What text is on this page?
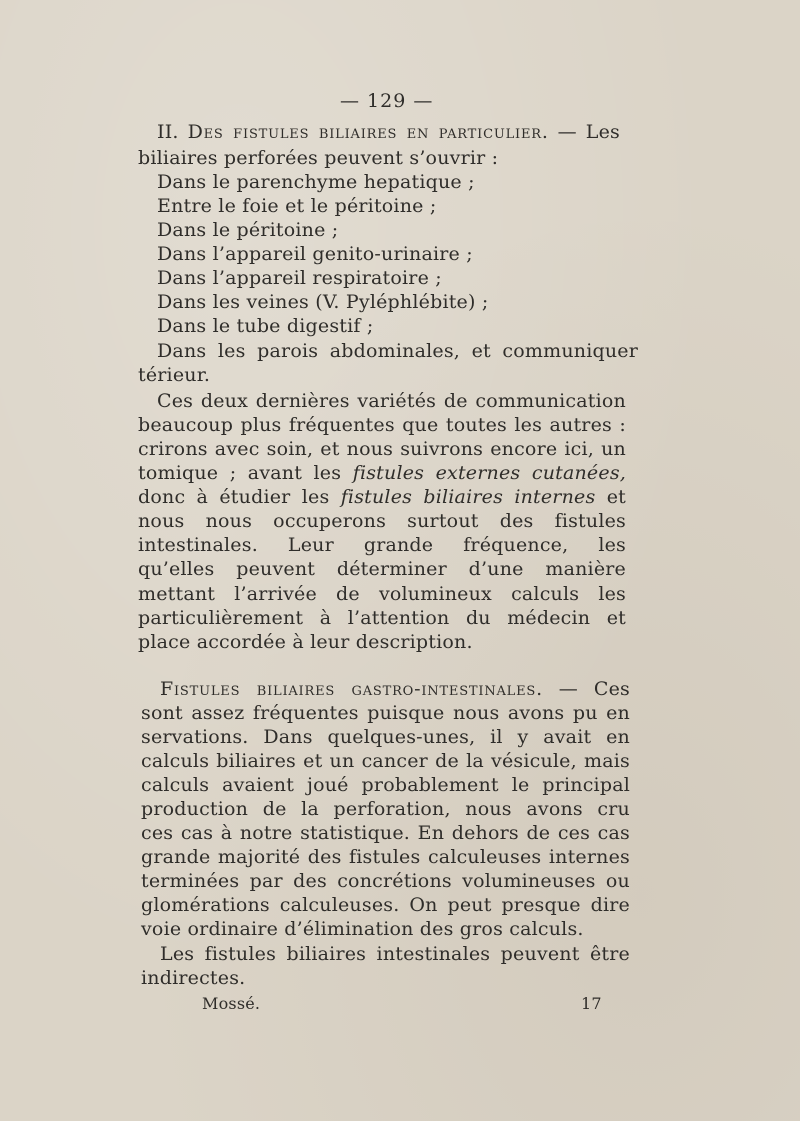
— 129 —
II. Des fistules biliaires en particulier. — Les
biliaires perforées peuvent s’ouvrir :
Dans le parenchyme hepatique ;
Entre le foie et le péritoine ;
Dans le péritoine ;
Dans l’appareil genito-urinaire ;
Dans l’appareil respiratoire ;
Dans les veines (V. Pyléphlébite) ;
Dans le tube digestif ;
Dans les parois abdominales, et communiquer
térieur.
Ces deux dernières variétés de communication
beaucoup plus fréquentes que toutes les autres :
crirons avec soin, et nous suivrons encore ici, un
tomique ; avant les fistules externes cutanées,
donc à étudier les fistules biliaires internes et
nous nous occuperons surtout des fistules
intestinales. Leur grande fréquence, les
qu’elles peuvent déterminer d’une manière
mettant l’arrivée de volumineux calculs les
particulièrement à l’attention du médecin et
place accordée à leur description.
Fistules biliaires gastro-intestinales. — Ces
sont assez fréquentes puisque nous avons pu en
servations. Dans quelques-unes, il y avait en
calculs biliaires et un cancer de la vésicule, mais
calculs avaient joué probablement le principal
production de la perforation, nous avons cru
ces cas à notre statistique. En dehors de ces cas
grande majorité des fistules calculeuses internes
terminées par des concrétions volumineuses ou
glomérations calculeuses. On peut presque dire
voie ordinaire d’élimination des gros calculs.
Les fistules biliaires intestinales peuvent être
indirectes.
Mossé.	17
